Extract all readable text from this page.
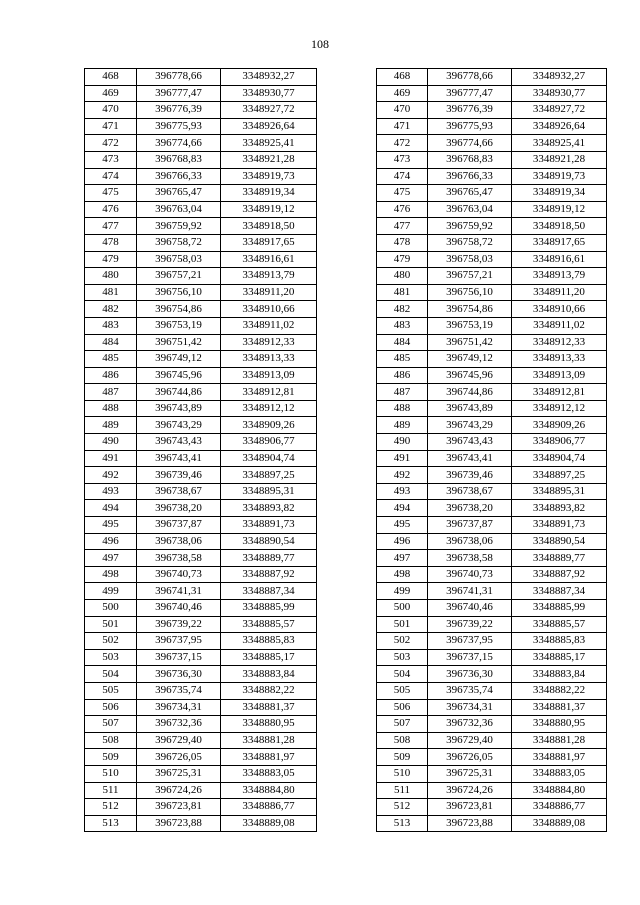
108
468	396778,66	3348932,27
469	396777,47	3348930,77
470	396776,39	3348927,72
471	396775,93	3348926,64
472	396774,66	3348925,41
473	396768,83	3348921,28
474	396766,33	3348919,73
475	396765,47	3348919,34
476	396763,04	3348919,12
477	396759,92	3348918,50
478	396758,72	3348917,65
479	396758,03	3348916,61
480	396757,21	3348913,79
481	396756,10	3348911,20
482	396754,86	3348910,66
483	396753,19	3348911,02
484	396751,42	3348912,33
485	396749,12	3348913,33
486	396745,96	3348913,09
487	396744,86	3348912,81
488	396743,89	3348912,12
489	396743,29	3348909,26
490	396743,43	3348906,77
491	396743,41	3348904,74
492	396739,46	3348897,25
493	396738,67	3348895,31
494	396738,20	3348893,82
495	396737,87	3348891,73
496	396738,06	3348890,54
497	396738,58	3348889,77
498	396740,73	3348887,92
499	396741,31	3348887,34
500	396740,46	3348885,99
501	396739,22	3348885,57
502	396737,95	3348885,83
503	396737,15	3348885,17
504	396736,30	3348883,84
505	396735,74	3348882,22
506	396734,31	3348881,37
507	396732,36	3348880,95
508	396729,40	3348881,28
509	396726,05	3348881,97
510	396725,31	3348883,05
511	396724,26	3348884,80
512	396723,81	3348886,77
513	396723,88	3348889,08
468	396778,66	3348932,27
469	396777,47	3348930,77
470	396776,39	3348927,72
471	396775,93	3348926,64
472	396774,66	3348925,41
473	396768,83	3348921,28
474	396766,33	3348919,73
475	396765,47	3348919,34
476	396763,04	3348919,12
477	396759,92	3348918,50
478	396758,72	3348917,65
479	396758,03	3348916,61
480	396757,21	3348913,79
481	396756,10	3348911,20
482	396754,86	3348910,66
483	396753,19	3348911,02
484	396751,42	3348912,33
485	396749,12	3348913,33
486	396745,96	3348913,09
487	396744,86	3348912,81
488	396743,89	3348912,12
489	396743,29	3348909,26
490	396743,43	3348906,77
491	396743,41	3348904,74
492	396739,46	3348897,25
493	396738,67	3348895,31
494	396738,20	3348893,82
495	396737,87	3348891,73
496	396738,06	3348890,54
497	396738,58	3348889,77
498	396740,73	3348887,92
499	396741,31	3348887,34
500	396740,46	3348885,99
501	396739,22	3348885,57
502	396737,95	3348885,83
503	396737,15	3348885,17
504	396736,30	3348883,84
505	396735,74	3348882,22
506	396734,31	3348881,37
507	396732,36	3348880,95
508	396729,40	3348881,28
509	396726,05	3348881,97
510	396725,31	3348883,05
511	396724,26	3348884,80
512	396723,81	3348886,77
513	396723,88	3348889,08
